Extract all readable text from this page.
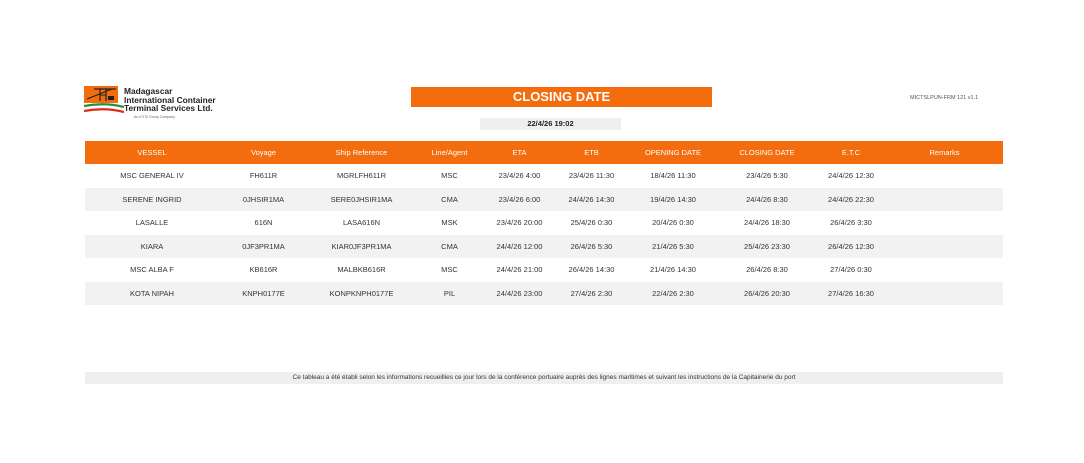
Madagascar
International Container
Terminal Services Ltd.
An ICTSI Group Company
CLOSING DATE
22/4/26 19:02
MICTSLPUN-FRM 121 v1.1
VESSEL	Voyage	Ship Reference	Line/Agent	ETA	ETB	OPENING DATE	CLOSING DATE	E.T.C	Remarks
MSC GENERAL IV	FH611R	MGRLFH611R	MSC	23/4/26 4:00	23/4/26 11:30	18/4/26 11:30	23/4/26 5:30	24/4/26 12:30	
SERENE INGRID	0JHSIR1MA	SERE0JHSIR1MA	CMA	23/4/26 6:00	24/4/26 14:30	19/4/26 14:30	24/4/26 8:30	24/4/26 22:30	
LASALLE	616N	LASA616N	MSK	23/4/26 20:00	25/4/26 0:30	20/4/26 0:30	24/4/26 18:30	26/4/26 3:30	
KIARA	0JF3PR1MA	KIAR0JF3PR1MA	CMA	24/4/26 12:00	26/4/26 5:30	21/4/26 5:30	25/4/26 23:30	26/4/26 12:30	
MSC ALBA F	KB616R	MALBKB616R	MSC	24/4/26 21:00	26/4/26 14:30	21/4/26 14:30	26/4/26 8:30	27/4/26 0:30	
KOTA NIPAH	KNPH0177E	KONPKNPH0177E	PIL	24/4/26 23:00	27/4/26 2:30	22/4/26 2:30	26/4/26 20:30	27/4/26 16:30	
Ce tableau a été établi selon les informations recueillies ce jour lors de la conférence portuaire auprès des lignes maritimes et suivant les instructions de la Capitainerie du port
